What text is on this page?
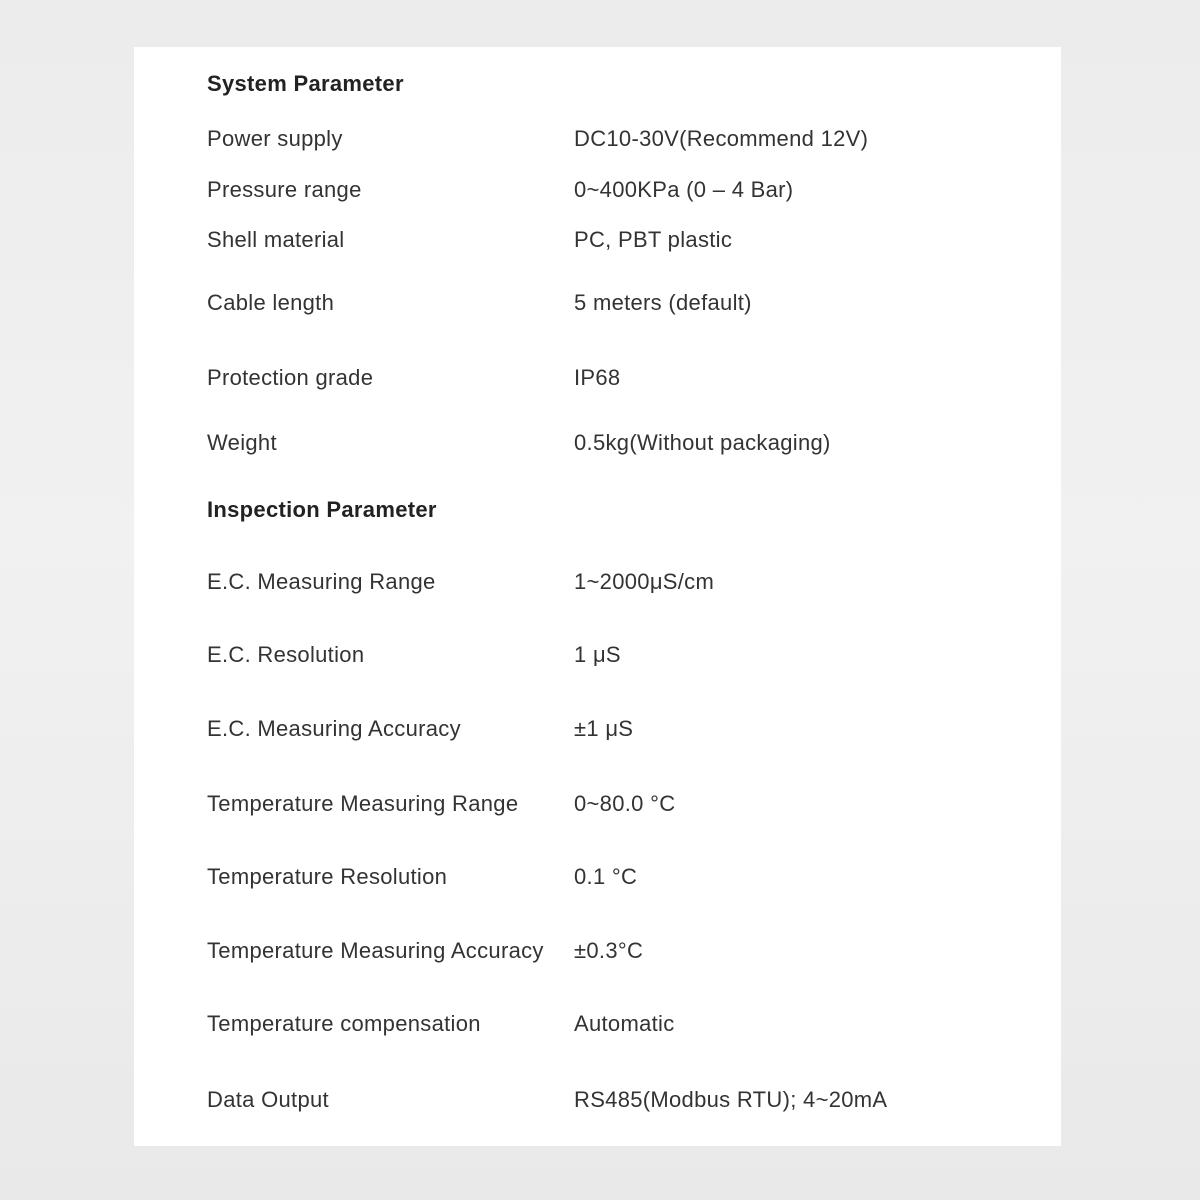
System Parameter
Power supply	DC10-30V(Recommend 12V)
Pressure range	0~400KPa (0 – 4 Bar)
Shell material	PC, PBT plastic
Cable length	5 meters (default)
Protection grade	IP68
Weight	0.5kg(Without packaging)
Inspection Parameter
E.C. Measuring Range	1~2000μS/cm
E.C. Resolution	1 μS
E.C. Measuring Accuracy	±1 μS
Temperature Measuring Range	0~80.0 °C
Temperature Resolution	0.1 °C
Temperature Measuring Accuracy ±0.3°C
Temperature compensation	Automatic
Data Output	RS485(Modbus RTU); 4~20mA
